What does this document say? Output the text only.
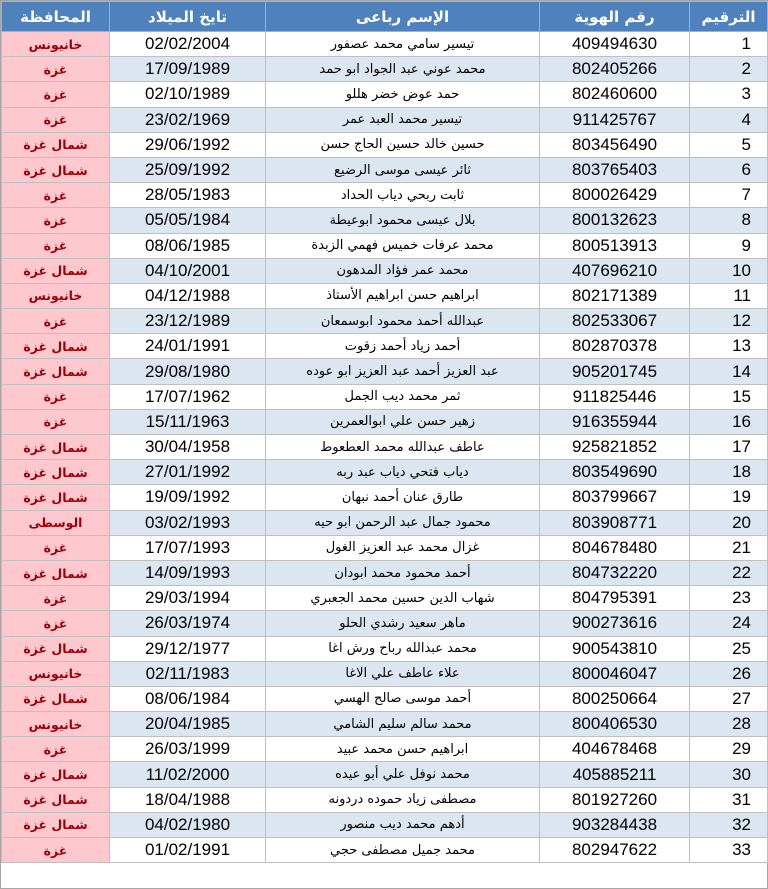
الترقيم	رقم الهوية	الإسم رباعى	تايخ الميلاد	المحافظة
1	409494630	تيسير سامي محمد عصفور	02/02/2004	خانيونس
2	802405266	محمد عوني عبد الجواد ابو حمد	17/09/1989	غزة
3	802460600	حمد عوض خضر هللو	02/10/1989	غزة
4	911425767	تيسير محمد العبد عمر	23/02/1969	غزة
5	803456490	حسين خالد حسين الحاج حسن	29/06/1992	شمال غزة
6	803765403	ثائر عيسى موسى الرضيع	25/09/1992	شمال غزة
7	800026429	ثابت ربحي دياب الحداد	28/05/1983	غزة
8	800132623	بلال عيسى محمود ابوعيطة	05/05/1984	غزة
9	800513913	محمد عرفات خميس فهمي الزبدة	08/06/1985	غزة
10	407696210	محمد عمر فؤاد المدهون	04/10/2001	شمال غزة
11	802171389	ابراهيم حسن ابراهيم الأستاذ	04/12/1988	خانيونس
12	802533067	عبدالله أحمد محمود ابوسمعان	23/12/1989	غزة
13	802870378	أحمد زياد أحمد زقوت	24/01/1991	شمال غزة
14	905201745	عبد العزيز أحمد عبد العزيز ابو عوده	29/08/1980	شمال غزة
15	911825446	ثمر محمد ديب الجمل	17/07/1962	غزة
16	916355944	زهير حسن علي ابوالعمرين	15/11/1963	غزة
17	925821852	عاطف عبدالله محمد العطعوط	30/04/1958	شمال غزة
18	803549690	دياب فتحي دياب عبد ربه	27/01/1992	شمال غزة
19	803799667	طارق عنان أحمد نبهان	19/09/1992	شمال غزة
20	803908771	محمود جمال عبد الرحمن ابو حيه	03/02/1993	الوسطى
21	804678480	غزال محمد عبد العزيز الغول	17/07/1993	غزة
22	804732220	أحمد محمود محمد ابودان	14/09/1993	شمال غزة
23	804795391	شهاب الدين حسين محمد الجعبري	29/03/1994	غزة
24	900273616	ماهر سعيد رشدي الحلو	26/03/1974	غزة
25	900543810	محمد عبدالله رباح ورش اغا	29/12/1977	شمال غزة
26	800046047	علاء عاطف علي الاغا	02/11/1983	خانيونس
27	800250664	أحمد موسى صالح الهسي	08/06/1984	شمال غزة
28	800406530	محمد سالم سليم الشامي	20/04/1985	خانيونس
29	404678468	ابراهيم حسن محمد عبيد	26/03/1999	غزة
30	405885211	محمد نوفل علي أبو عيده	11/02/2000	شمال غزة
31	801927260	مصطفى زياد حموده دردونه	18/04/1988	شمال غزة
32	903284438	أدهم محمد ديب منصور	04/02/1980	شمال غزة
33	802947622	محمد جميل مصطفى حجي	01/02/1991	غزة
